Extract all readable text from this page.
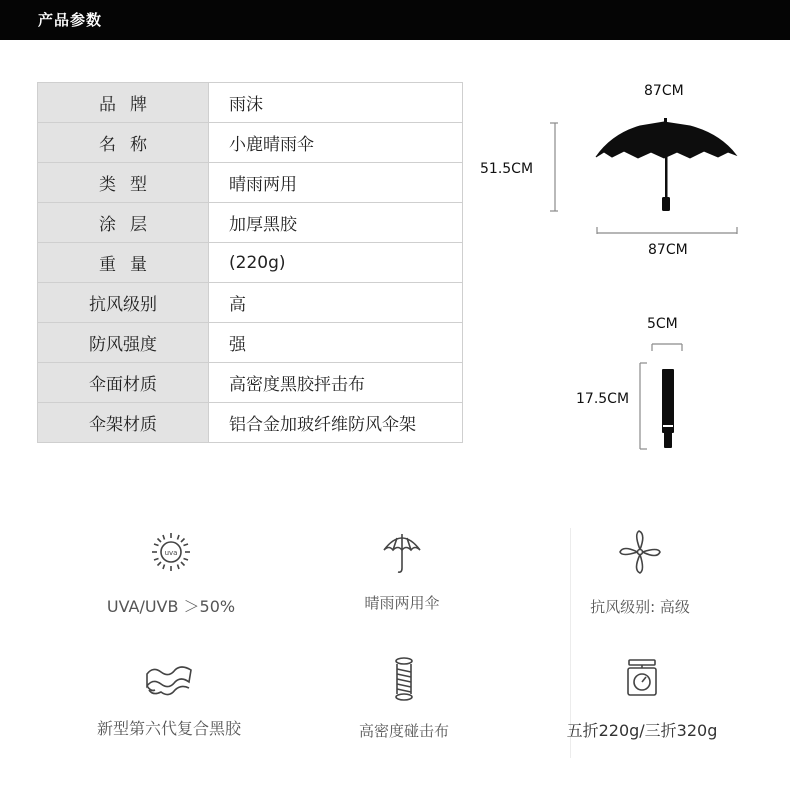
产品参数
品牌	雨沫
名称	小鹿晴雨伞
类型	晴雨两用
涂层	加厚黑胶
重量	(220g)
抗风级别	高
防风强度	强
伞面材质	高密度黑胶抨击布
伞架材质	铝合金加玻纤维防风伞架
87CM
51.5CM
87CM
5CM
17.5CM
uva
UVA/UVB ＞50%	晴雨两用伞	抗风级别: 高级
新型第六代复合黑胶	高密度碰击布	五折220g/三折320g
